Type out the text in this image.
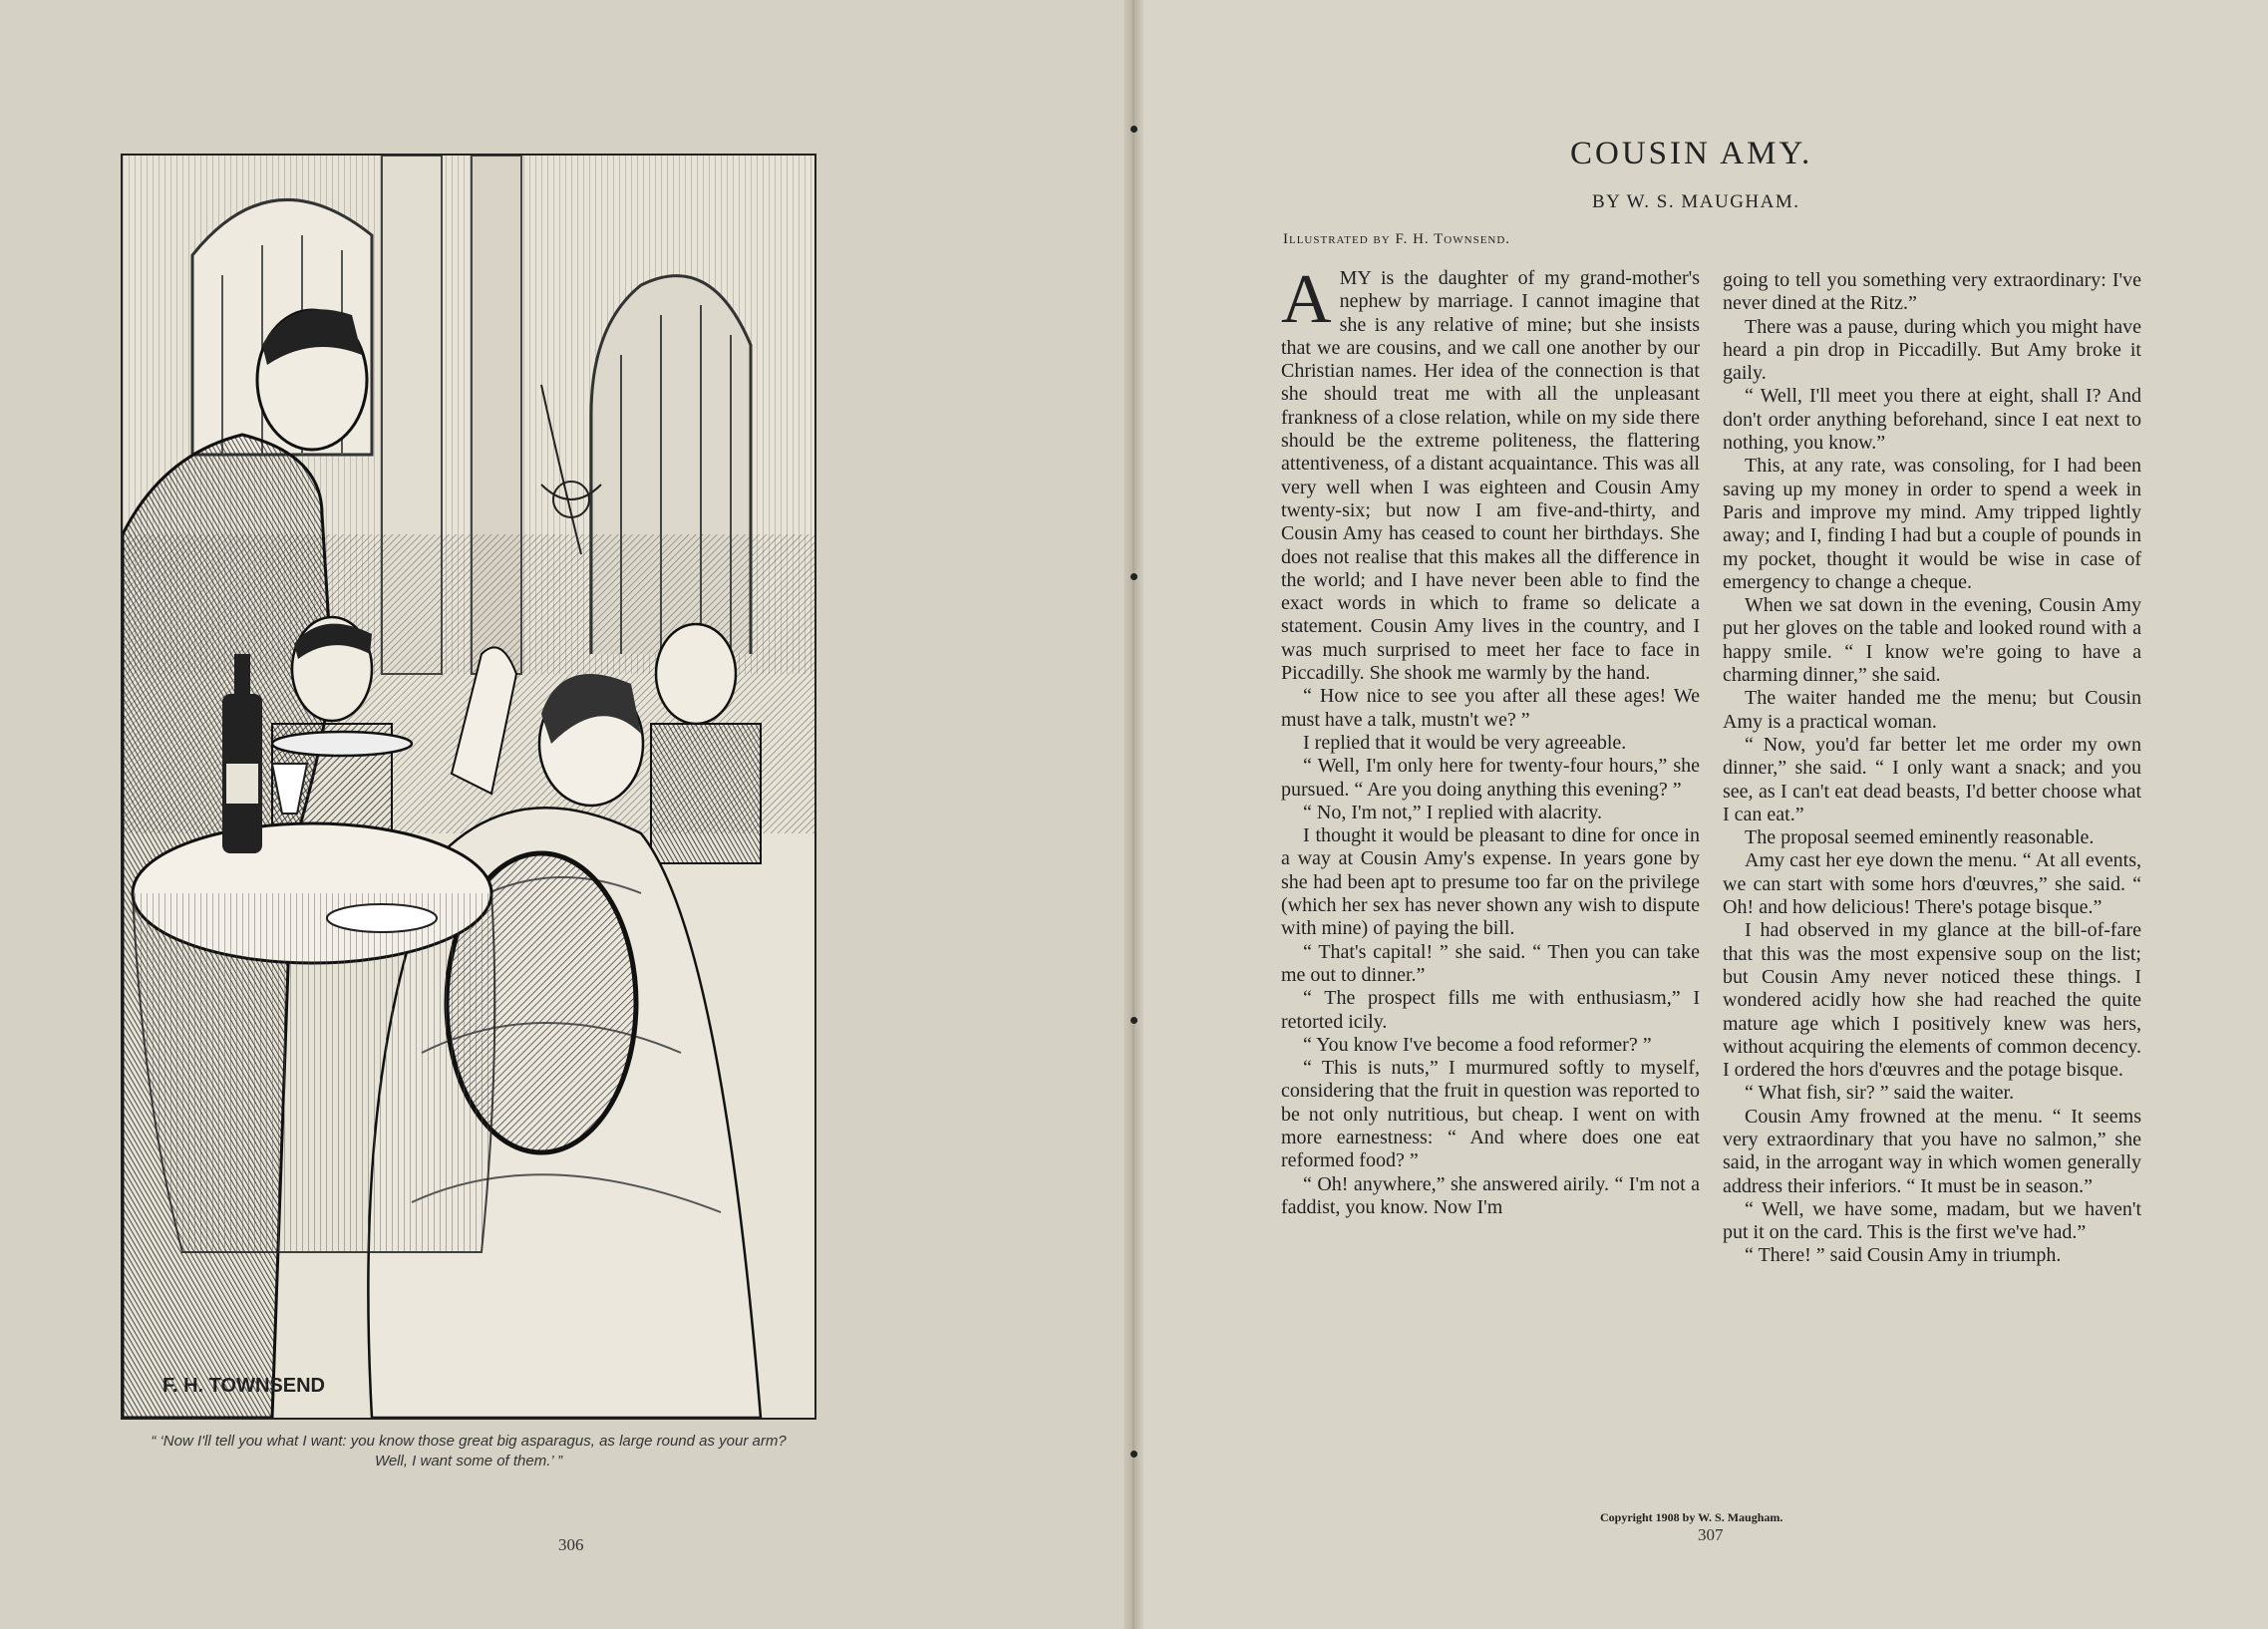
F. H. TOWNSEND
“ ‘Now I'll tell you what I want: you know those great big asparagus, as large round as your arm?
Well, I want some of them.’ ”
306
COUSIN AMY.
BY W. S. MAUGHAM.
Illustrated by F. H. Townsend.

AMY is the daughter of my grand-mother's nephew by marriage. I cannot imagine that she is any relative of mine; but she insists that we are cousins, and we call one another by our Christian names. Her idea of the connection is that she should treat me with all the unpleasant frankness of a close relation, while on my side there should be the extreme politeness, the flattering attentiveness, of a distant acquaintance. This was all very well when I was eighteen and Cousin Amy twenty-six; but now I am five-and-thirty, and Cousin Amy has ceased to count her birthdays. She does not realise that this makes all the difference in the world; and I have never been able to find the exact words in which to frame so delicate a statement. Cousin Amy lives in the country, and I was much surprised to meet her face to face in Piccadilly. She shook me warmly by the hand.

“ How nice to see you after all these ages! We must have a talk, mustn't we? ”

I replied that it would be very agreeable.

“ Well, I'm only here for twenty-four hours,” she pursued. “ Are you doing anything this evening? ”

“ No, I'm not,” I replied with alacrity.

I thought it would be pleasant to dine for once in a way at Cousin Amy's expense. In years gone by she had been apt to presume too far on the privilege (which her sex has never shown any wish to dispute with mine) of paying the bill.

“ That's capital! ” she said. “ Then you can take me out to dinner.”

“ The prospect fills me with enthusiasm,” I retorted icily.

“ You know I've become a food reformer? ”

“ This is nuts,” I murmured softly to myself, considering that the fruit in question was reported to be not only nutritious, but cheap. I went on with more earnestness: “ And where does one eat reformed food? ”

“ Oh! anywhere,” she answered airily. “ I'm not a faddist, you know. Now I'm

going to tell you something very extraordinary: I've never dined at the Ritz.”

There was a pause, during which you might have heard a pin drop in Piccadilly. But Amy broke it gaily.

“ Well, I'll meet you there at eight, shall I? And don't order anything beforehand, since I eat next to nothing, you know.”

This, at any rate, was consoling, for I had been saving up my money in order to spend a week in Paris and improve my mind. Amy tripped lightly away; and I, finding I had but a couple of pounds in my pocket, thought it would be wise in case of emergency to change a cheque.

When we sat down in the evening, Cousin Amy put her gloves on the table and looked round with a happy smile. “ I know we're going to have a charming dinner,” she said.

The waiter handed me the menu; but Cousin Amy is a practical woman.

“ Now, you'd far better let me order my own dinner,” she said. “ I only want a snack; and you see, as I can't eat dead beasts, I'd better choose what I can eat.”

The proposal seemed eminently reasonable.

Amy cast her eye down the menu. “ At all events, we can start with some hors d'œuvres,” she said. “ Oh! and how delicious! There's potage bisque.”

I had observed in my glance at the bill-of-fare that this was the most expensive soup on the list; but Cousin Amy never noticed these things. I wondered acidly how she had reached the quite mature age which I positively knew was hers, without acquiring the elements of common decency. I ordered the hors d'œuvres and the potage bisque.

“ What fish, sir? ” said the waiter.

Cousin Amy frowned at the menu. “ It seems very extraordinary that you have no salmon,” she said, in the arrogant way in which women generally address their inferiors. “ It must be in season.”

“ Well, we have some, madam, but we haven't put it on the card. This is the first we've had.”

“ There! ” said Cousin Amy in triumph.

Copyright 1908 by W. S. Maugham.
307
